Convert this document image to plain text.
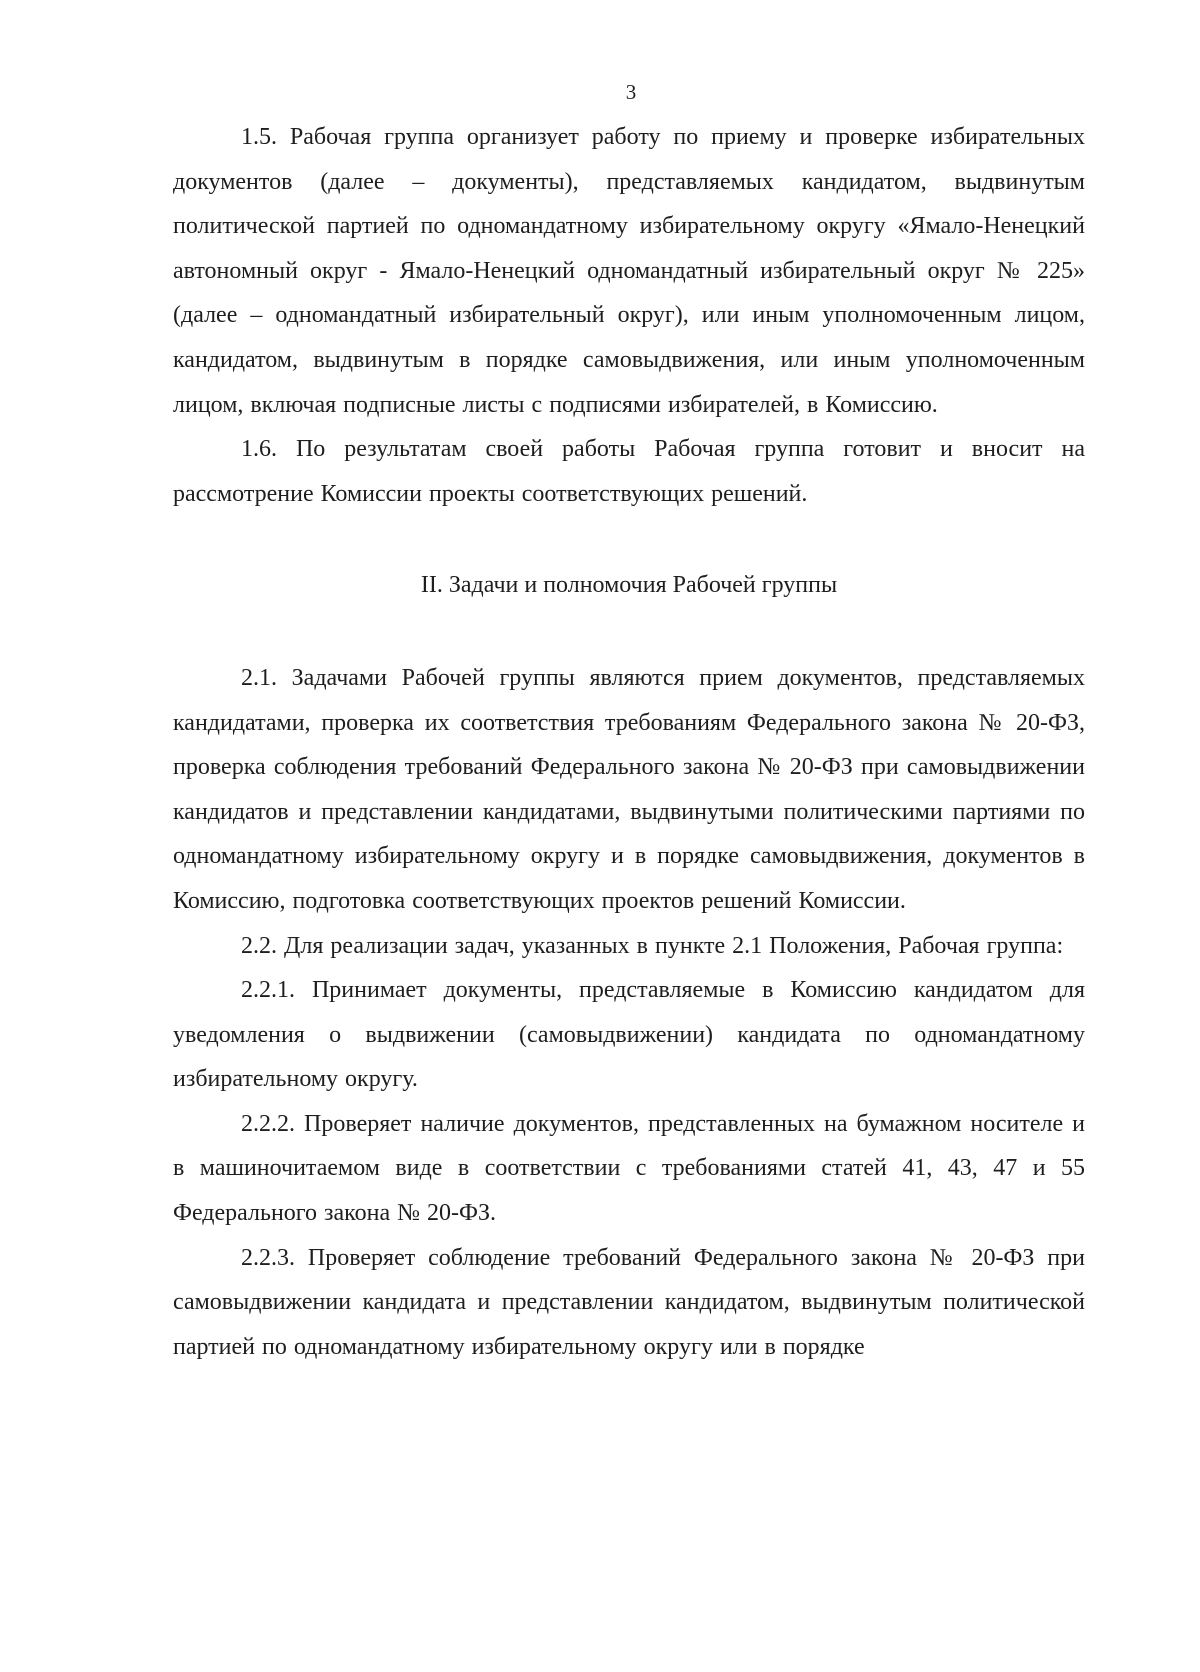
3

1.5. Рабочая группа организует работу по приему и проверке избирательных документов (далее – документы), представляемых кандидатом, выдвинутым политической партией по одномандатному избирательному округу «Ямало-Ненецкий автономный округ - Ямало-Ненецкий одномандатный избирательный округ № 225» (далее – одномандатный избирательный округ), или иным уполномоченным лицом, кандидатом, выдвинутым в порядке самовыдвижения, или иным уполномоченным лицом, включая подписные листы с подписями избирателей, в Комиссию.

1.6. По результатам своей работы Рабочая группа готовит и вносит на рассмотрение Комиссии проекты соответствующих решений.

II. Задачи и полномочия Рабочей группы

2.1. Задачами Рабочей группы являются прием документов, представляемых кандидатами, проверка их соответствия требованиям Федерального закона № 20-ФЗ, проверка соблюдения требований Федерального закона № 20-ФЗ при самовыдвижении кандидатов и представлении кандидатами, выдвинутыми политическими партиями по одномандатному избирательному округу и в порядке самовыдвижения, документов в Комиссию, подготовка соответствующих проектов решений Комиссии.

2.2. Для реализации задач, указанных в пункте 2.1 Положения, Рабочая группа:

2.2.1. Принимает документы, представляемые в Комиссию кандидатом для уведомления о выдвижении (самовыдвижении) кандидата по одномандатному избирательному округу.

2.2.2. Проверяет наличие документов, представленных на бумажном носителе и в машиночитаемом виде в соответствии с требованиями статей 41, 43, 47 и 55 Федерального закона № 20-ФЗ.

2.2.3. Проверяет соблюдение требований Федерального закона № 20-ФЗ при самовыдвижении кандидата и представлении кандидатом, выдвинутым политической партией по одномандатному избирательному округу или в порядке
